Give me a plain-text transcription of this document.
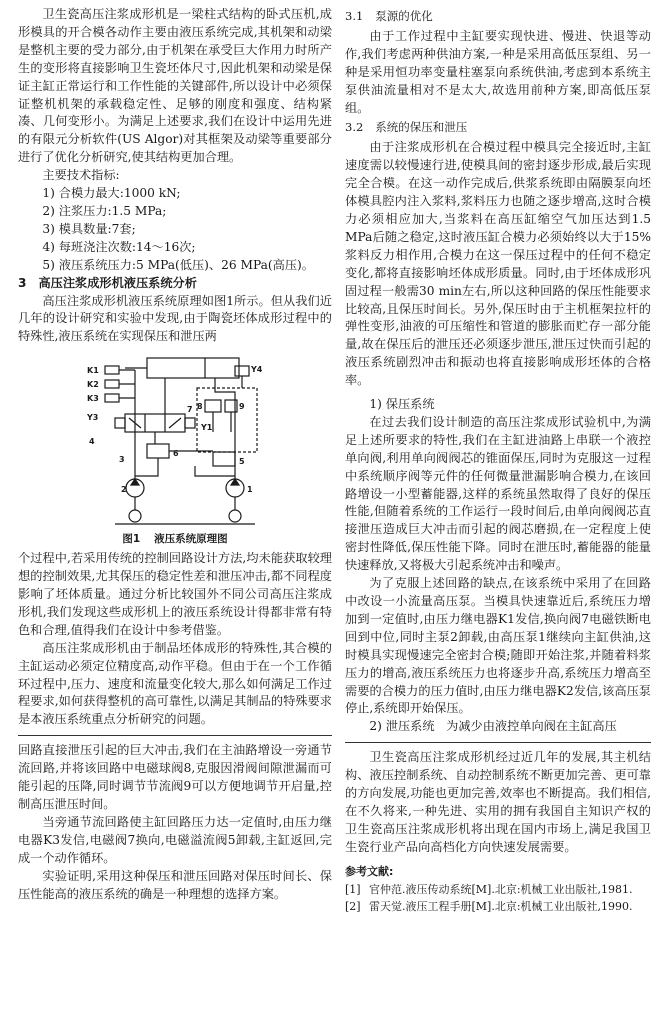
卫生瓷高压注浆成形机是一梁柱式结构的卧式压机,成形模具的开合模各动作主要由液压系统完成,其机架和动梁是整机主要的受力部分,由于机架在承受巨大作用力时所产生的变形将直接影响卫生瓷坯体尺寸,因此机架和动梁是保证主缸正常运行和工作性能的关键部件,所以设计中必须保证整机机架的承载稳定性、足够的刚度和强度、结构紧凑、几何变形小。为满足上述要求,我们在设计中运用先进的有限元分析软件(US Algor)对其框架及动梁等重要部分进行了优化分析研究,使其结构更加合理。

主要技术指标:

1) 合模力最大:1000 kN;

2) 注浆压力:1.5 MPa;

3) 模具数量:7套;

4) 每班浇注次数:14～16次;

5) 液压系统压力:5 MPa(低压)、26 MPa(高压)。

3 高压注浆成形机液压系统分析

高压注浆成形机液压系统原理如图1所示。但从我们近几年的设计研究和实验中发现,由于陶瓷坯体成形过程中的特殊性,液压系统在实现保压和泄压两

K1
K2
K3
Y3
Y4
Y1
9
8
7
6
5
4
3
2	1
图1 液压系统原理图

个过程中,若采用传统的控制回路设计方法,均未能获取较理想的控制效果,尤其保压的稳定性差和泄压冲击,都不同程度影响了坯体质量。通过分析比较国外不同公司高压注浆成形机,我们发现这些成形机上的液压系统设计得都非常有特色和合理,值得我们在设计中参考借鉴。

高压注浆成形机由于制品坯体成形的特殊性,其合模的主缸运动必须定位精度高,动作平稳。但由于在一个工作循环过程中,压力、速度和流量变化较大,那么如何满足工作过程要求,如何获得整机的高可靠性,以满足其制品的特殊要求是本液压系统重点分析研究的问题。

回路直接泄压引起的巨大冲击,我们在主油路增设一旁通节流回路,并将该回路中电磁球阀8,克服因滑阀间隙泄漏而可能引起的压降,同时调节节流阀9可以方便地调节开启量,控制高压泄压时间。

当旁通节流回路使主缸回路压力达一定值时,由压力继电器K3发信,电磁阀7换向,电磁溢流阀5卸载,主缸返回,完成一个动作循环。

实验证明,采用这种保压和泄压回路对保压时间长、保压性能高的液压系统的确是一种理想的选择方案。

3.1 泵源的优化

由于工作过程中主缸要实现快进、慢进、快退等动作,我们考虑两种供油方案,一种是采用高低压泵组、另一种是采用恒功率变量柱塞泵向系统供油,考虑到本系统主泵供油流量相对不是太大,故选用前种方案,即高低压泵组。

3.2 系统的保压和泄压

由于注浆成形机在合模过程中模具完全接近时,主缸速度需以较慢速行进,使模具间的密封逐步形成,最后实现完全合模。在这一动作完成后,供浆系统即由隔膜泵向坯体模具腔内注入浆料,浆料压力也随之逐步增高,这时合模力必须相应加大,当浆料在高压缸缩空气加压达到1.5 MPa后随之稳定,这时液压缸合模力必须始终以大于15%浆料反力相作用,合模力在这一保压过程中的任何不稳定变化,都将直接影响坯体成形质量。同时,由于坯体成形巩固过程一般需30 min左右,所以这种回路的保压性能要求比较高,且保压时间长。另外,保压时由于主机框架拉杆的弹性变形,油液的可压缩性和管道的膨胀而贮存一部分能量,故在保压后的泄压还必须逐步泄压,泄压过快而引起的液压系统剧烈冲击和振动也将直接影响成形坯体的合格率。

1) 保压系统

在过去我们设计制造的高压注浆成形试验机中,为满足上述所要求的特性,我们在主缸进油路上串联一个液控单向阀,利用单向阀阀芯的锥面保压,同时为克服这一过程中系统顺序阀等元件的任何微量泄漏影响合模力,在该回路增设一小型蓄能器,这样的系统虽然取得了良好的保压性能,但随着系统的工作运行一段时间后,由单向阀阀芯直接泄压造成巨大冲击而引起的阀芯磨损,在一定程度上使密封性降低,保压性能下降。同时在泄压时,蓄能器的能量快速释放,又将极大引起系统冲击和噪声。

为了克服上述回路的缺点,在该系统中采用了在回路中改设一小流量高压泵。当模具快速靠近后,系统压力增加到一定值时,由压力继电器K1发信,换向阀7电磁铁断电回到中位,同时主泵2卸载,由高压泵1继续向主缸供油,这时模具实现慢速完全密封合模;随即开始注浆,并随着料浆压力的增高,液压系统压力也将逐步升高,系统压力增高至需要的合模力的压力值时,由压力继电器K2发信,该高压泵停止,系统即开始保压。

2) 泄压系统 为减少由液控单向阀在主缸高压

卫生瓷高压注浆成形机经过近几年的发展,其主机结构、液压控制系统、自动控制系统不断更加完善、更可靠的方向发展,功能也更加完善,效率也不断提高。我们相信,在不久将来,一种先进、实用的拥有我国自主知识产权的卫生瓷高压注浆成形机将出现在国内市场上,满足我国卫生瓷行业产品向高档化方向快速发展需要。

参考文献:

[1] 官仲范.液压传动系统[M].北京:机械工业出版社,1981.

[2] 雷天觉.液压工程手册[M].北京:机械工业出版社,1990.
